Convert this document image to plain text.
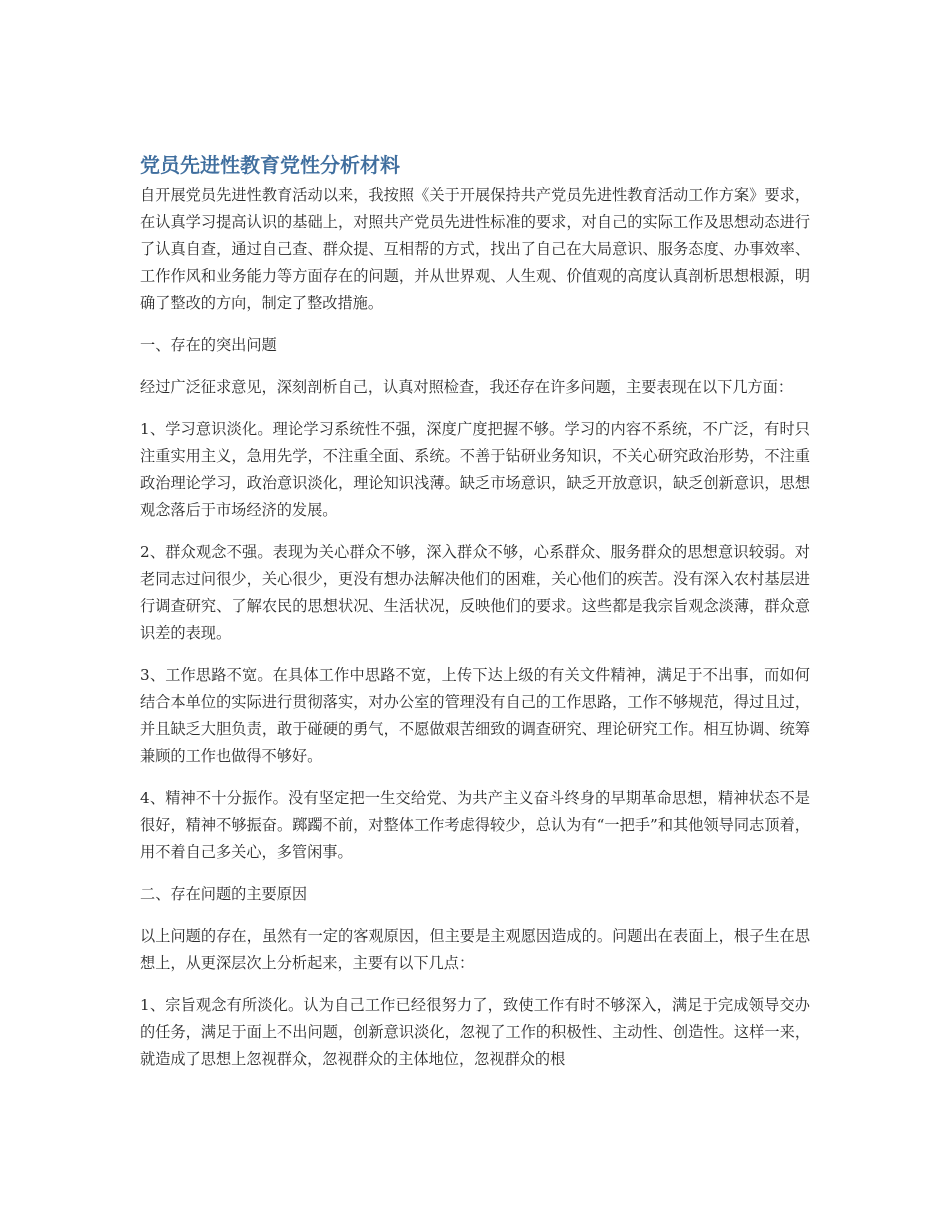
党员先进性教育党性分析材料

自开展党员先进性教育活动以来，我按照《关于开展保持共产党员先进性教育活动工作方案》要求，在认真学习提高认识的基础上，对照共产党员先进性标准的要求，对自己的实际工作及思想动态进行了认真自查，通过自己查、群众提、互相帮的方式，找出了自己在大局意识、服务态度、办事效率、工作作风和业务能力等方面存在的问题，并从世界观、人生观、价值观的高度认真剖析思想根源，明确了整改的方向，制定了整改措施。

一、存在的突出问题

经过广泛征求意见，深刻剖析自己，认真对照检查，我还存在许多问题，主要表现在以下几方面：

1、学习意识淡化。理论学习系统性不强，深度广度把握不够。学习的内容不系统，不广泛，有时只注重实用主义，急用先学，不注重全面、系统。不善于钻研业务知识，不关心研究政治形势，不注重政治理论学习，政治意识淡化，理论知识浅薄。缺乏市场意识，缺乏开放意识，缺乏创新意识，思想观念落后于市场经济的发展。

2、群众观念不强。表现为关心群众不够，深入群众不够，心系群众、服务群众的思想意识较弱。对老同志过问很少，关心很少，更没有想办法解决他们的困难，关心他们的疾苦。没有深入农村基层进行调查研究、了解农民的思想状况、生活状况，反映他们的要求。这些都是我宗旨观念淡薄，群众意识差的表现。

3、工作思路不宽。在具体工作中思路不宽，上传下达上级的有关文件精神，满足于不出事，而如何结合本单位的实际进行贯彻落实，对办公室的管理没有自己的工作思路，工作不够规范，得过且过，并且缺乏大胆负责，敢于碰硬的勇气，不愿做艰苦细致的调查研究、理论研究工作。相互协调、统筹兼顾的工作也做得不够好。

4、精神不十分振作。没有坚定把一生交给党、为共产主义奋斗终身的早期革命思想，精神状态不是很好，精神不够振奋。踯躅不前，对整体工作考虑得较少，总认为有“一把手”和其他领导同志顶着，用不着自己多关心，多管闲事。

二、存在问题的主要原因

以上问题的存在，虽然有一定的客观原因，但主要是主观愿因造成的。问题出在表面上，根子生在思想上，从更深层次上分析起来，主要有以下几点：

1、宗旨观念有所淡化。认为自己工作已经很努力了，致使工作有时不够深入，满足于完成领导交办的任务，满足于面上不出问题，创新意识淡化，忽视了工作的积极性、主动性、创造性。这样一来，就造成了思想上忽视群众，忽视群众的主体地位，忽视群众的根
